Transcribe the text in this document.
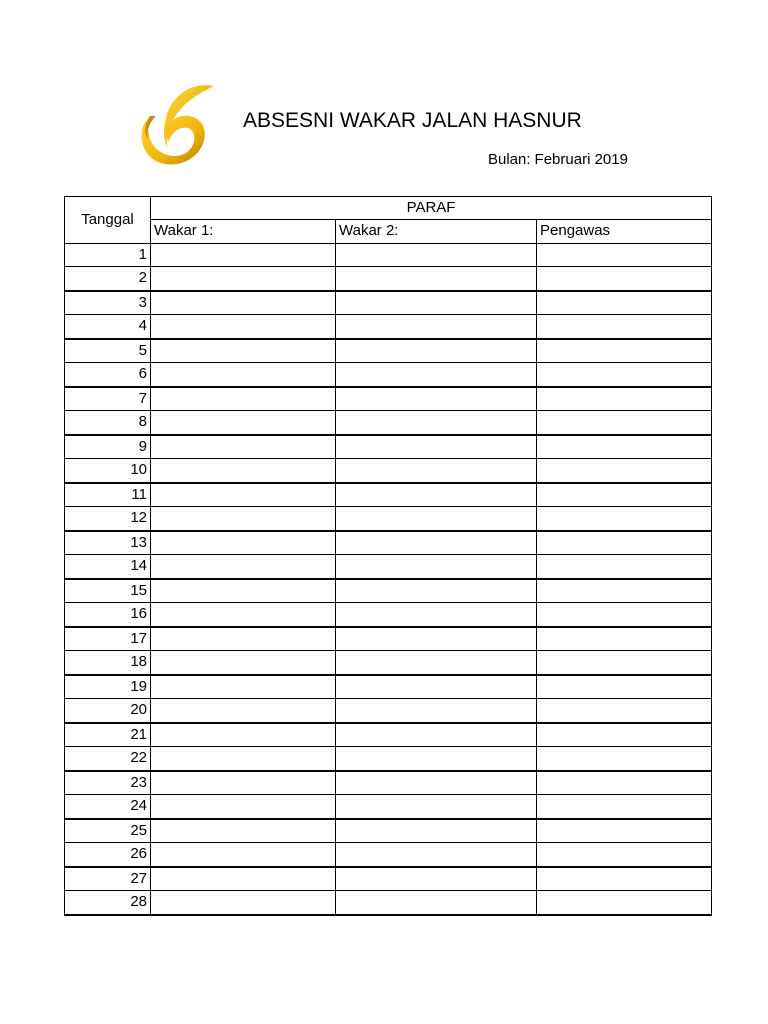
ABSESNI WAKAR JALAN HASNUR
Bulan: Februari 2019
Tanggal	PARAF		
	Wakar 1:	Wakar 2:	Pengawas
1			
2			
3			
4			
5			
6			
7			
8			
9			
10			
11			
12			
13			
14			
15			
16			
17			
18			
19			
20			
21			
22			
23			
24			
25			
26			
27			
28			
